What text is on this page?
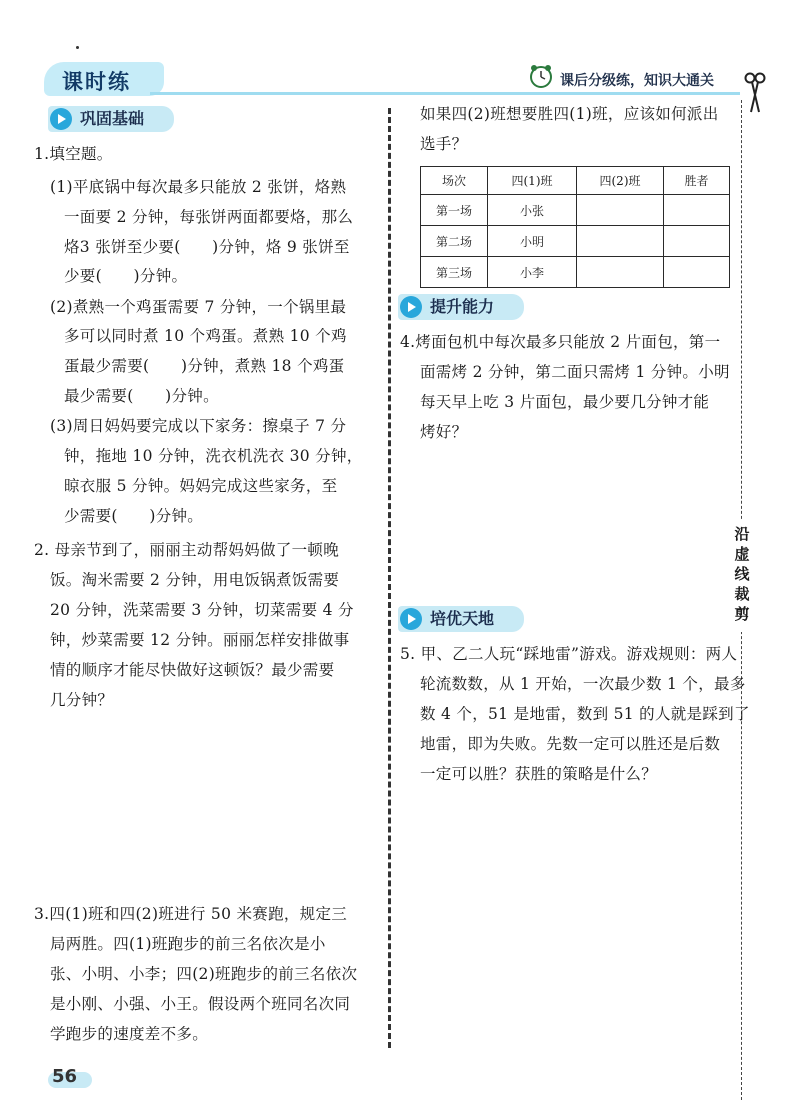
课时练	课后分级练，知识大通关
沿
虚
线
裁
剪
巩固基础
1.填空题。
(1)平底锅中每次最多只能放 2 张饼，烙熟
一面要 2 分钟，每张饼两面都要烙，那么
烙3 张饼至少要(　　)分钟，烙 9 张饼至
少要(　　)分钟。
(2)煮熟一个鸡蛋需要 7 分钟，一个锅里最
多可以同时煮 10 个鸡蛋。煮熟 10 个鸡
蛋最少需要(　　)分钟，煮熟 18 个鸡蛋
最少需要(　　)分钟。
(3)周日妈妈要完成以下家务：擦桌子 7 分
钟，拖地 10 分钟，洗衣机洗衣 30 分钟，
晾衣服 5 分钟。妈妈完成这些家务，至
少需要(　　)分钟。
2. 母亲节到了，丽丽主动帮妈妈做了一顿晚
饭。淘米需要 2 分钟，用电饭锅煮饭需要
20 分钟，洗菜需要 3 分钟，切菜需要 4 分
钟，炒菜需要 12 分钟。丽丽怎样安排做事
情的顺序才能尽快做好这顿饭？最少需要
几分钟？
3.四(1)班和四(2)班进行 50 米赛跑，规定三
局两胜。四(1)班跑步的前三名依次是小
张、小明、小李；四(2)班跑步的前三名依次
是小刚、小强、小王。假设两个班同名次同
学跑步的速度差不多。
如果四(2)班想要胜四(1)班，应该如何派出
选手？
场次	四(1)班	四(2)班	胜者
第一场	小张		
第二场	小明		
第三场	小李		
提升能力
4.烤面包机中每次最多只能放 2 片面包，第一
面需烤 2 分钟，第二面只需烤 1 分钟。小明
每天早上吃 3 片面包，最少要几分钟才能
烤好？
培优天地
5. 甲、乙二人玩“踩地雷”游戏。游戏规则：两人
轮流数数，从 1 开始，一次最少数 1 个，最多
数 4 个，51 是地雷，数到 51 的人就是踩到了
地雷，即为失败。先数一定可以胜还是后数
一定可以胜？获胜的策略是什么？
56
